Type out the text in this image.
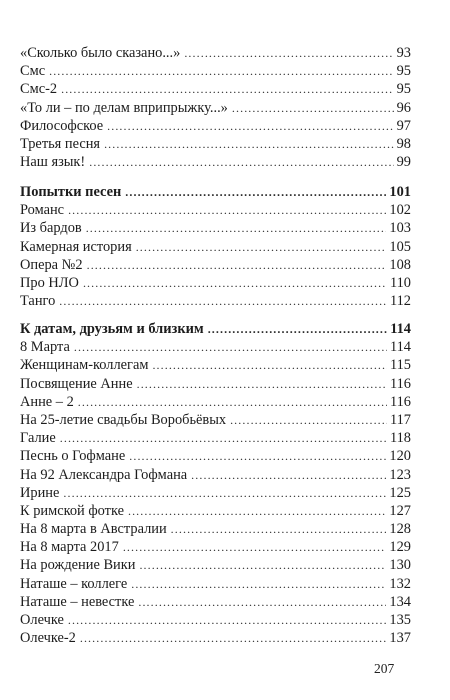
«Сколько было сказано...» .....	93
Смс .....	95
Смс-2 .....	95
«То ли – по делам вприпрыжку...» .....	96
Философское .....	97
Третья песня .....	98
Наш язык! .....	99
Попытки песен .....	101
Романс .....	102
Из бардов .....	103
Камерная история .....	105
Опера №2 .....	108
Про НЛО .....	110
Танго .....	112
К датам, друзьям и близким .....	114
8 Марта .....	114
Женщинам-коллегам .....	115
Посвящение Анне .....	116
Анне – 2 .....	116
На 25-летие свадьбы Воробьёвых .....	117
Галие .....	118
Песнь о Гофмане .....	120
На 92 Александра Гофмана .....	123
Ирине .....	125
К римской фотке .....	127
На 8 марта в Австралии .....	128
На 8 марта 2017 .....	129
На рождение Вики .....	130
Наташе – коллеге .....	132
Наташе – невестке .....	134
Олечке .....	135
Олечке-2 .....	137
207
